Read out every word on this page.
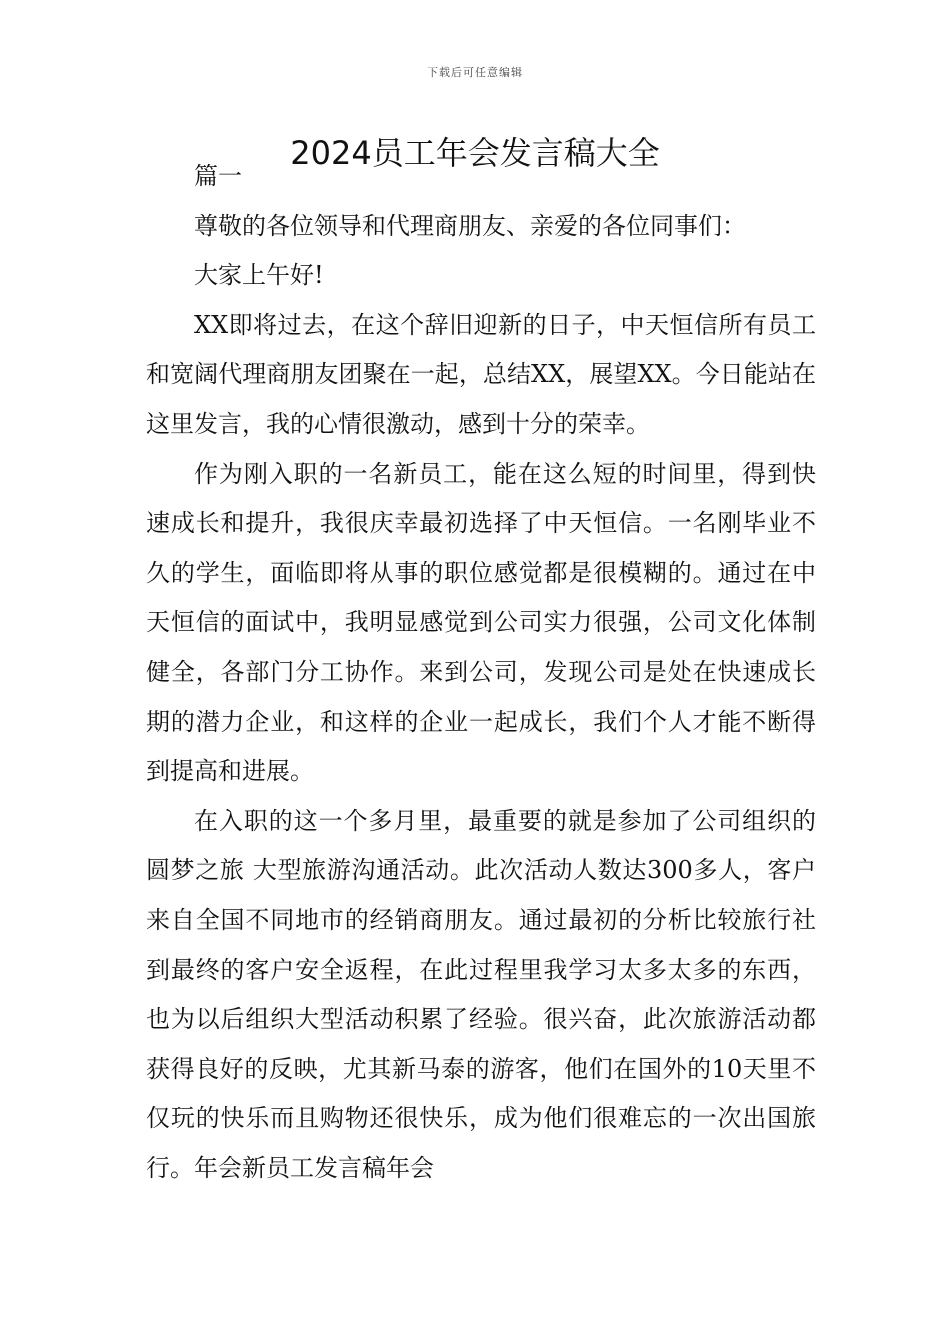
下载后可任意编辑
2024员工年会发言稿大全

篇一

尊敬的各位领导和代理商朋友、亲爱的各位同事们：

大家上午好!

XX即将过去，在这个辞旧迎新的日子，中天恒信所有员工和宽阔代理商朋友团聚在一起，总结XX，展望XX。今日能站在这里发言，我的心情很激动，感到十分的荣幸。

作为刚入职的一名新员工，能在这么短的时间里，得到快速成长和提升，我很庆幸最初选择了中天恒信。一名刚毕业不久的学生，面临即将从事的职位感觉都是很模糊的。通过在中天恒信的面试中，我明显感觉到公司实力很强，公司文化体制健全，各部门分工协作。来到公司，发现公司是处在快速成长期的潜力企业，和这样的企业一起成长，我们个人才能不断得到提高和进展。

在入职的这一个多月里，最重要的就是参加了公司组织的 圆梦之旅 大型旅游沟通活动。此次活动人数达300多人，客户来自全国不同地市的经销商朋友。通过最初的分析比较旅行社到最终的客户安全返程，在此过程里我学习太多太多的东西，也为以后组织大型活动积累了经验。很兴奋，此次旅游活动都获得良好的反映，尤其新马泰的游客，他们在国外的10天里不仅玩的快乐而且购物还很快乐，成为他们很难忘的一次出国旅行。年会新员工发言稿年会
